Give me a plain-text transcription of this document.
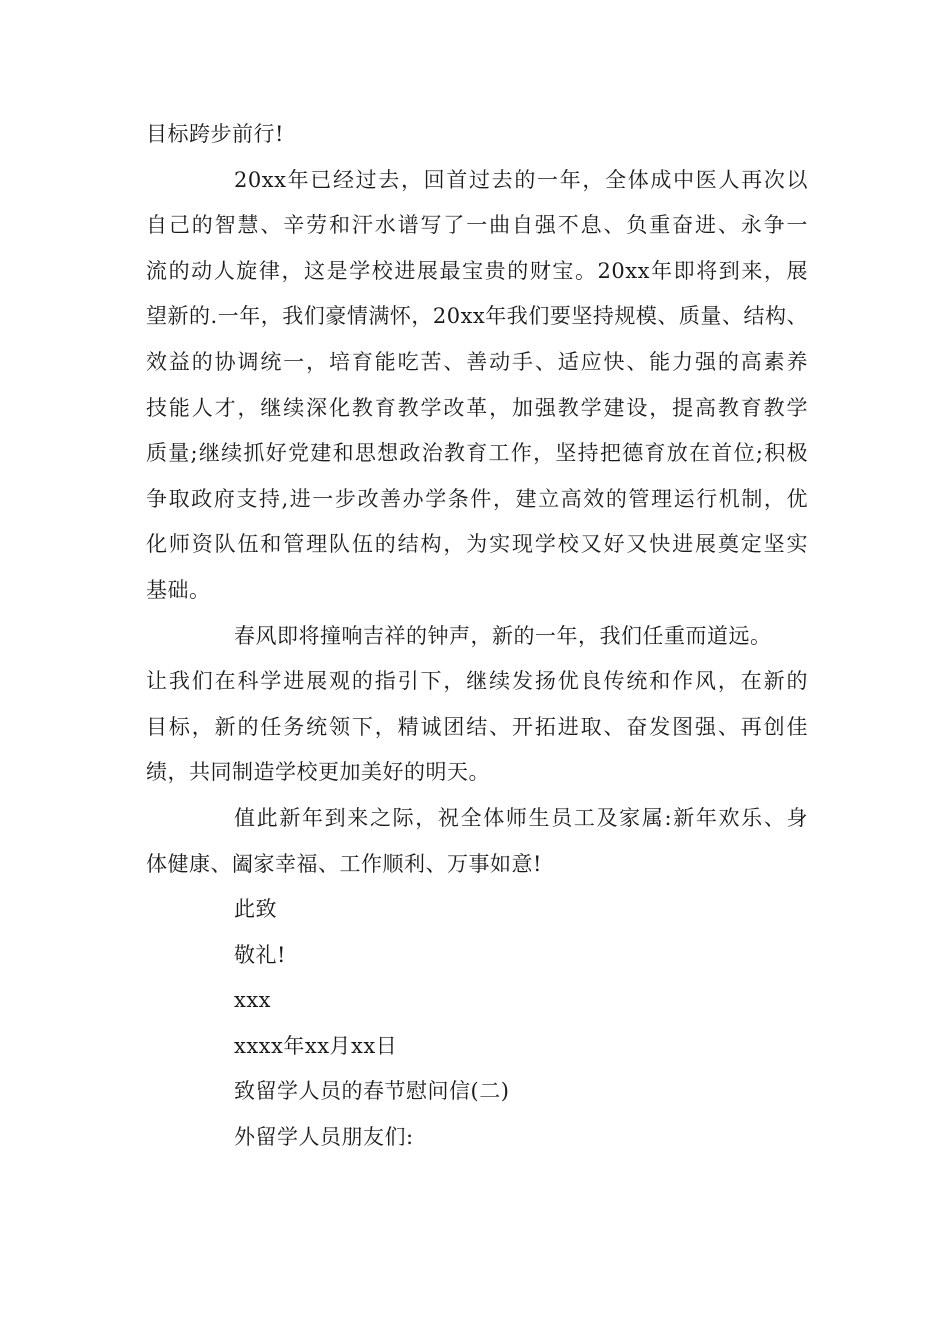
目标跨步前行!
20xx年已经过去，回首过去的一年，全体成中医人再次以
自己的智慧、辛劳和汗水谱写了一曲自强不息、负重奋进、永争一
流的动人旋律，这是学校进展最宝贵的财宝。20xx年即将到来，展
望新的.一年，我们豪情满怀，20xx年我们要坚持规模、质量、结构、
效益的协调统一，培育能吃苦、善动手、适应快、能力强的高素养
技能人才，继续深化教育教学改革，加强教学建设，提高教育教学
质量;继续抓好党建和思想政治教育工作，坚持把德育放在首位;积极
争取政府支持,进一步改善办学条件，建立高效的管理运行机制，优
化师资队伍和管理队伍的结构，为实现学校又好又快进展奠定坚实
基础。
春风即将撞响吉祥的钟声，新的一年，我们任重而道远。
让我们在科学进展观的指引下，继续发扬优良传统和作风，在新的
目标，新的任务统领下，精诚团结、开拓进取、奋发图强、再创佳
绩，共同制造学校更加美好的明天。
值此新年到来之际，祝全体师生员工及家属:新年欢乐、身
体健康、阖家幸福、工作顺利、万事如意!
此致
敬礼!
xxx
xxxx年xx月xx日
致留学人员的春节慰问信(二)
外留学人员朋友们:
